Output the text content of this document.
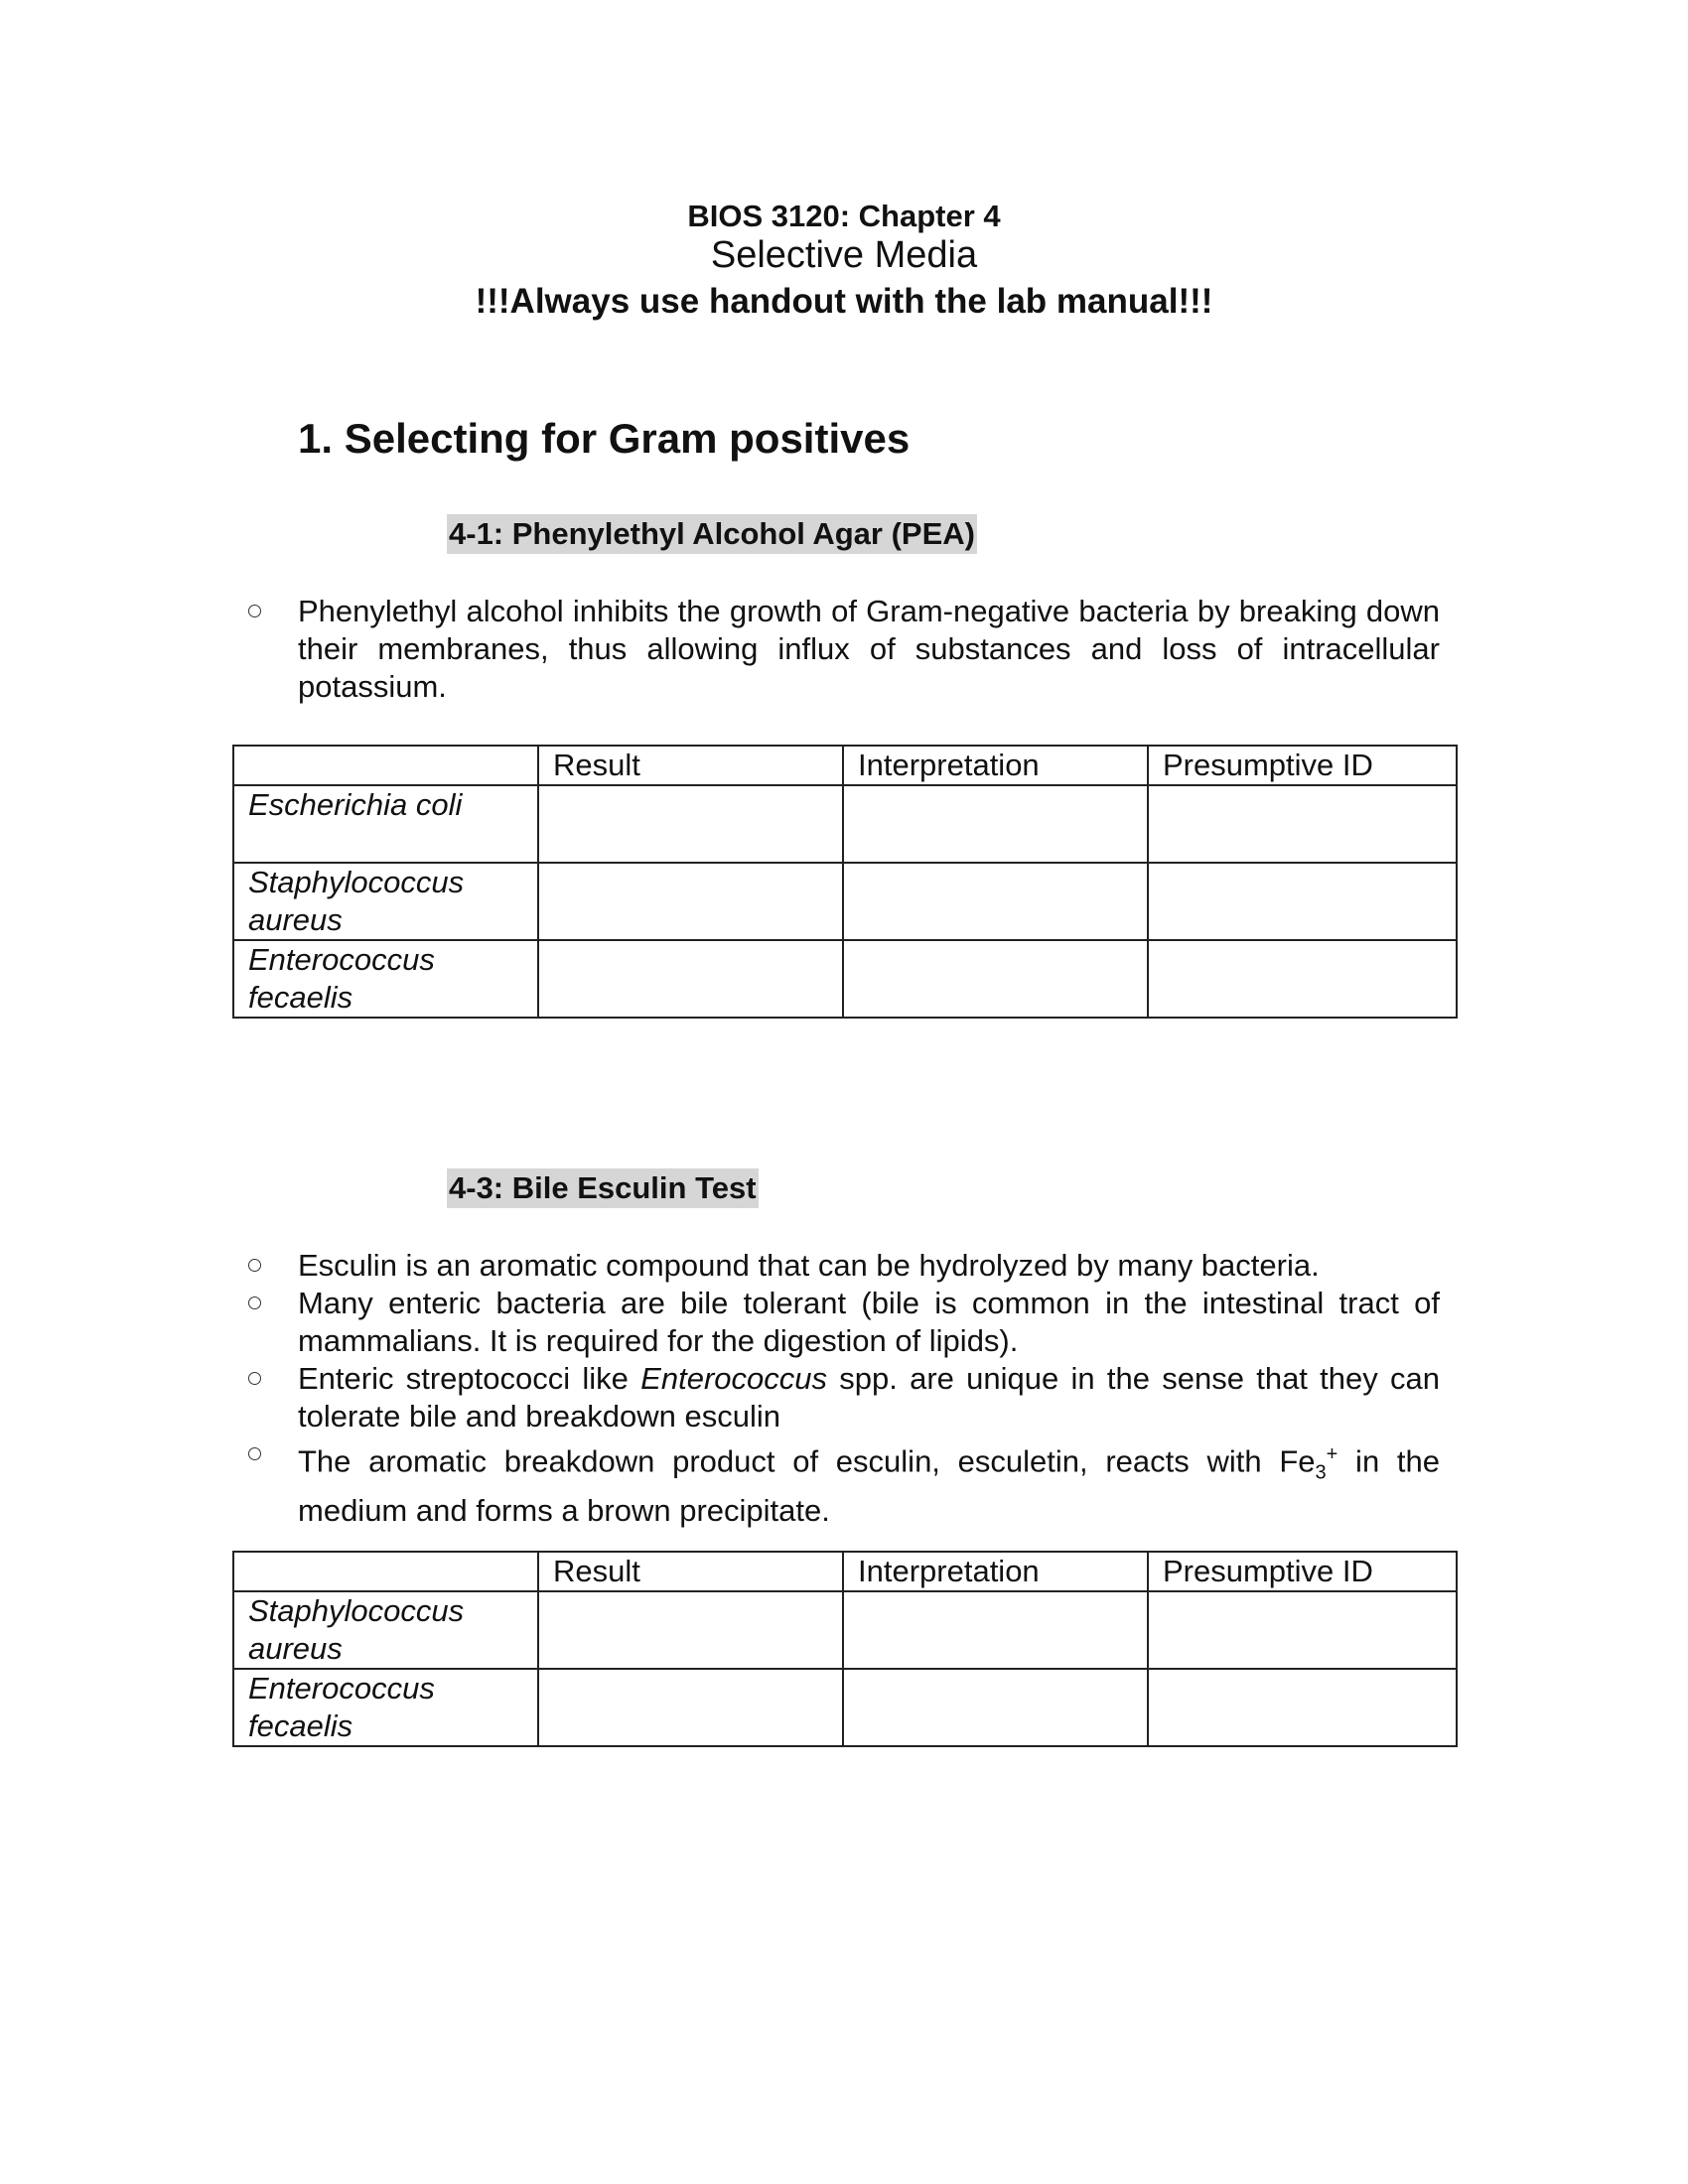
BIOS 3120: Chapter 4
Selective Media
!!!Always use handout with the lab manual!!!
1. Selecting for Gram positives
4-1: Phenylethyl Alcohol Agar (PEA)
Phenylethyl alcohol inhibits the growth of Gram-negative bacteria by breaking down their membranes, thus allowing influx of substances and loss of intracellular potassium.
	Result	Interpretation	Presumptive ID
Escherichia coli			
Staphylococcus aureus			
Enterococcus fecaelis			
4-3: Bile Esculin Test
Esculin is an aromatic compound that can be hydrolyzed by many bacteria.
Many enteric bacteria are bile tolerant (bile is common in the intestinal tract of mammalians. It is required for the digestion of lipids).
Enteric streptococci like Enterococcus spp. are unique in the sense that they can tolerate bile and breakdown esculin
The aromatic breakdown product of esculin, esculetin, reacts with $Fe_3^+$ in the medium and forms a brown precipitate.
	Result	Interpretation	Presumptive ID
Staphylococcus aureus			
Enterococcus fecaelis			
